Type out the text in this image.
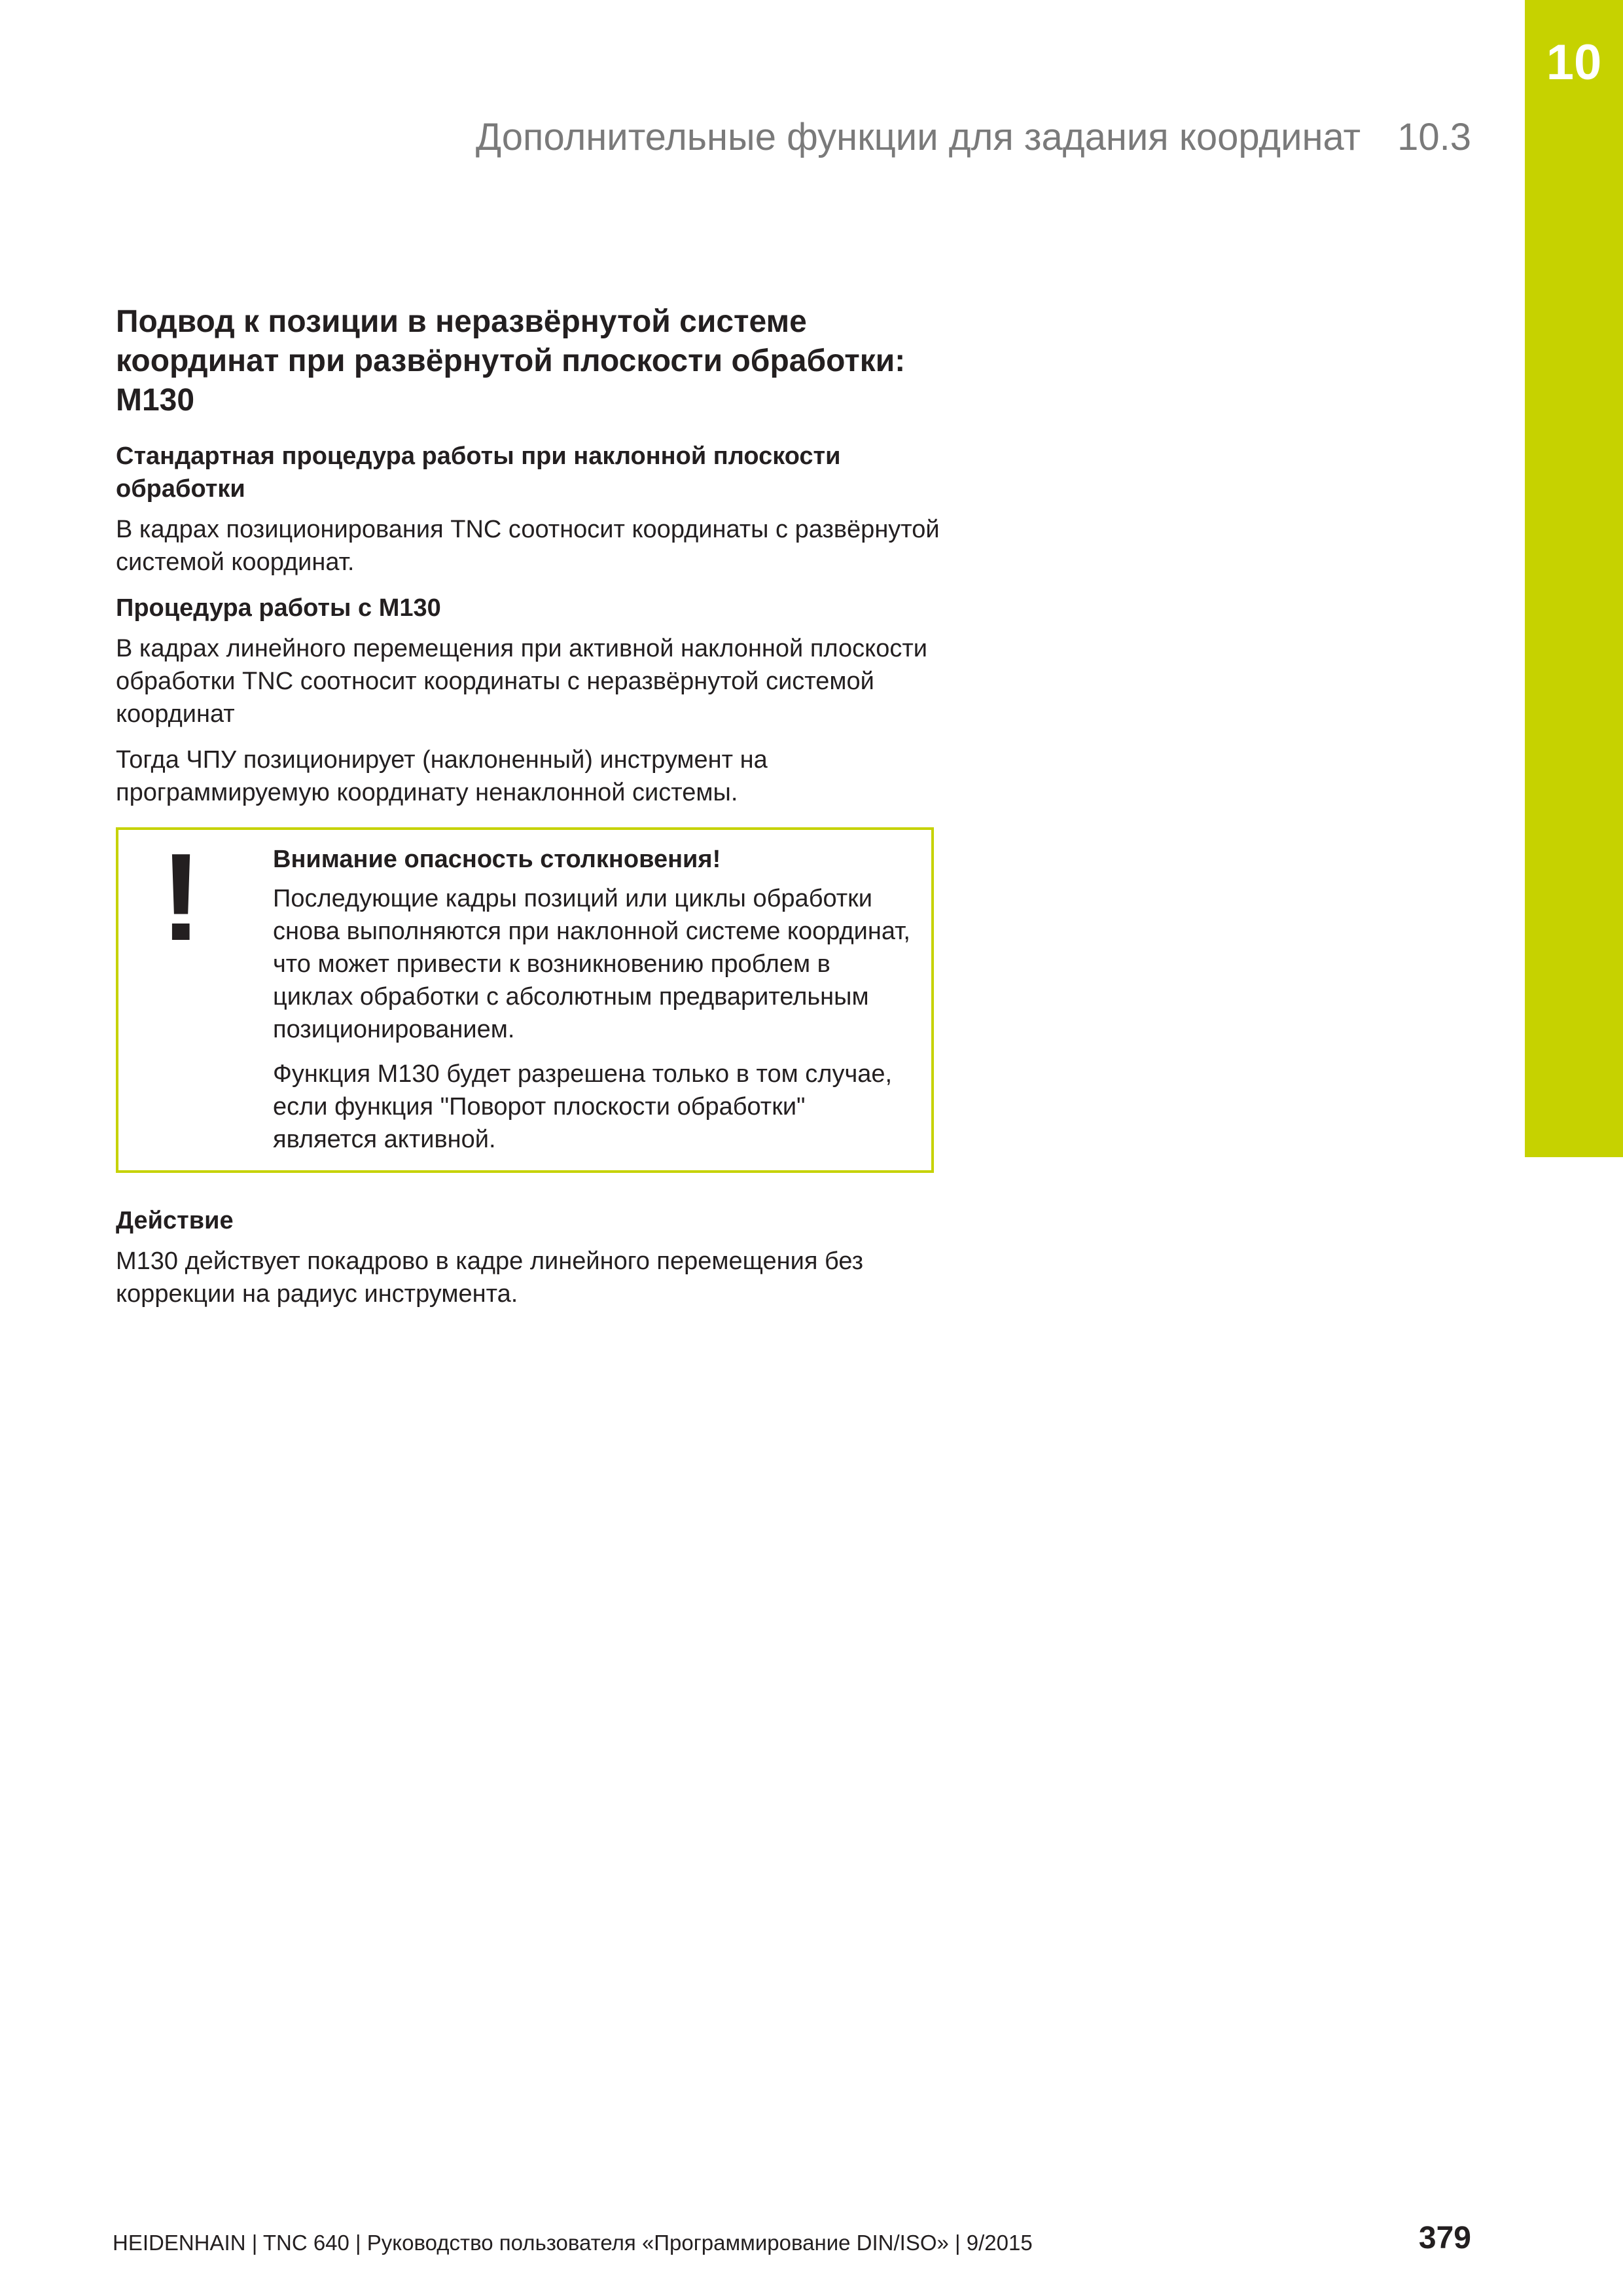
10
Дополнительные функции для задания координат 10.3
Подвод к позиции в неразвёрнутой системе координат при развёрнутой плоскости обработки: M130
Стандартная процедура работы при наклонной плоскости обработки

В кадрах позиционирования TNC соотносит координаты с развёрнутой системой координат.

Процедура работы с M130

В кадрах линейного перемещения при активной наклонной плоскости обработки TNC соотносит координаты с неразвёрнутой системой координат

Тогда ЧПУ позиционирует (наклоненный) инструмент на программируемую координату ненаклонной системы.

!	Внимание опасность столкновения!

Последующие кадры позиций или циклы обработки снова выполняются при наклонной системе координат, что может привести к возникновению проблем в циклах обработки с абсолютным предварительным позиционированием.

Функция M130 будет разрешена только в том случае, если функция "Поворот плоскости обработки" является активной.

Действие

M130 действует покадрово в кадре линейного перемещения без коррекции на радиус инструмента.

HEIDENHAIN | TNC 640 | Руководство пользователя «Программирование DIN/ISO» | 9/2015	379
